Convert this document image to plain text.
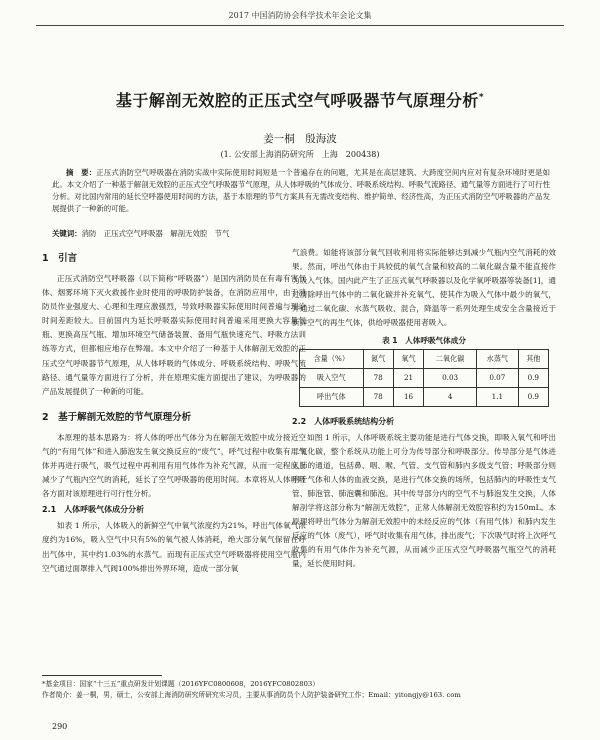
2017 中国消防协会科学技术年会论文集
基于解剖无效腔的正压式空气呼吸器节气原理分析*
姜一桐　殷海波
(1. 公安部上海消防研究所　上海　200438)
摘　要：正压式消防空气呼吸器在消防实战中实际使用时间短是一个普遍存在的问题，尤其是在高层建筑、大跨度空间内应对有复杂环境时更是如此。本文介绍了一种基于解剖无效腔的正压式空气呼吸器节气原理，从人体呼吸的气体成分、呼吸系统结构、呼吸气流路径、通气量等方面进行了可行性分析。对比国内常用的延长空呼器使用时间的方法，基于本原理的节气方案具有无需改变结构、维护简单、经济性高，为正压式消防空气呼吸器的产品发展提供了一种新的可能。
关键词：消防　正压式空气呼吸器　解剖无效腔　节气
1　引言

正压式消防空气呼吸器（以下简称“呼吸器”）是国内消防员在有毒有害气体、烟雾环境下灭火救援作业时使用的呼吸防护装备，在消防应用中，由于消防员作业强度大、心理和生理应激强烈，导致呼吸器实际使用时间普遍与理论时间差距较大。目前国内为延长呼吸器实际使用时间普遍采用更换大容量气瓶、更换高压气瓶、增加环境空气储备装置、备用气瓶快速充气、呼吸方法训练等方式，但都相应地存在弊端。本文中介绍了一种基于人体解剖无效腔的正压式空气呼吸器节气原理，从人体呼吸的气体成分、呼吸系统结构、呼吸气流路径、通气量等方面进行了分析，并在原理实施方面提出了建议，为呼吸器的产品发展提供了一种新的可能。

2　基于解剖无效腔的节气原理分析

本原理的基本思路为：将人体的呼出气体分为在解剖无效腔中成分接近空气的“有用气体”和进入肺泡发生氧交换反应的“废气”，呼气过程中收集有用气体并再进行吸气，吸气过程中再利用有用气体作为补充气源，从而一定程度上减少了气瓶内空气的消耗，延长了空气呼吸器的使用时间。本章将从人体呼吸各方面对该原理进行可行性分析。

2.1　人体呼吸气体成分分析

如表 1 所示，人体吸入的新鲜空气中氧气浓度约为21%，呼出气体氧气浓度约为16%，吸入空气中只有5%的氧气被人体消耗，绝大部分氧气保留在呼出气体中，其中约1.03%的水蒸气。而现有正压式空气呼吸器将使用空气瓶内空气通过面罩排入气阀100%排出外界环境，造成一部分氧

气浪费。如能将该部分氧气回收利用将实际能够达到减少气瓶内空气消耗的效果。然而，呼出气体由于具较低的氧气含量和较高的二氧化碳含量不能直接作为吸入气体。国内此产生了正压式氧气呼吸器以及化学氧呼吸器等装备[1]，通过清除呼出气体中的二氧化碳并补充氧气、使其作为吸入气体中最少的氧气，并通过二氧化碳、水蒸气吸收、混合，降温等一系列处理生成安全含量接近于新鲜空气的再生气体，供给呼吸器使用者吸入。

表 1　人体呼吸气体成分
含量（%）	氮气	氧气	二氧化碳	水蒸气	其他
吸入空气	78	21	0.03	0.07	0.9
呼出气体	78	16	4	1.1	0.9
2.2　人体呼吸系统结构分析

如图 1 所示，人体呼吸系统主要功能是进行气体交换，即吸入氧气和呼出二氧化碳，整个系统从功能上可分为传导部分和呼吸部分。传导部分是气体进入肺的通道，包括鼻、咽、喉、气管、支气管和肺内多级支气管；呼吸部分则用于气体和人体的血液交换，是进行气体交换的场所，包括肺内的呼吸性支气管、肺泡管、肺泡囊和肺泡。其中传导部分内的空气不与肺泡发生交换，人体解剖学将这部分称为“解剖无效腔”，正常人体解剖无效腔容积约为150mL。本原理将呼出气体分为解剖无效腔中的未经反应的气体（有用气体）和肺内发生反应的气体（废气），呼气时收集有用气体，排出废气；下次吸气时将上次呼气收集的有用气体作为补充气源，从而减少正压式空气呼吸器气瓶空气的消耗量，延长使用时间。

*基金项目：国家“十三五”重点研发计划课题（2016YFC0800608，2016YFC0802803）

作者简介：姜一桐，男，硕士，公安部上海消防研究所研究实习员，主要从事消防员个人防护装备研究工作；Email：yitongjy@163. com

290
